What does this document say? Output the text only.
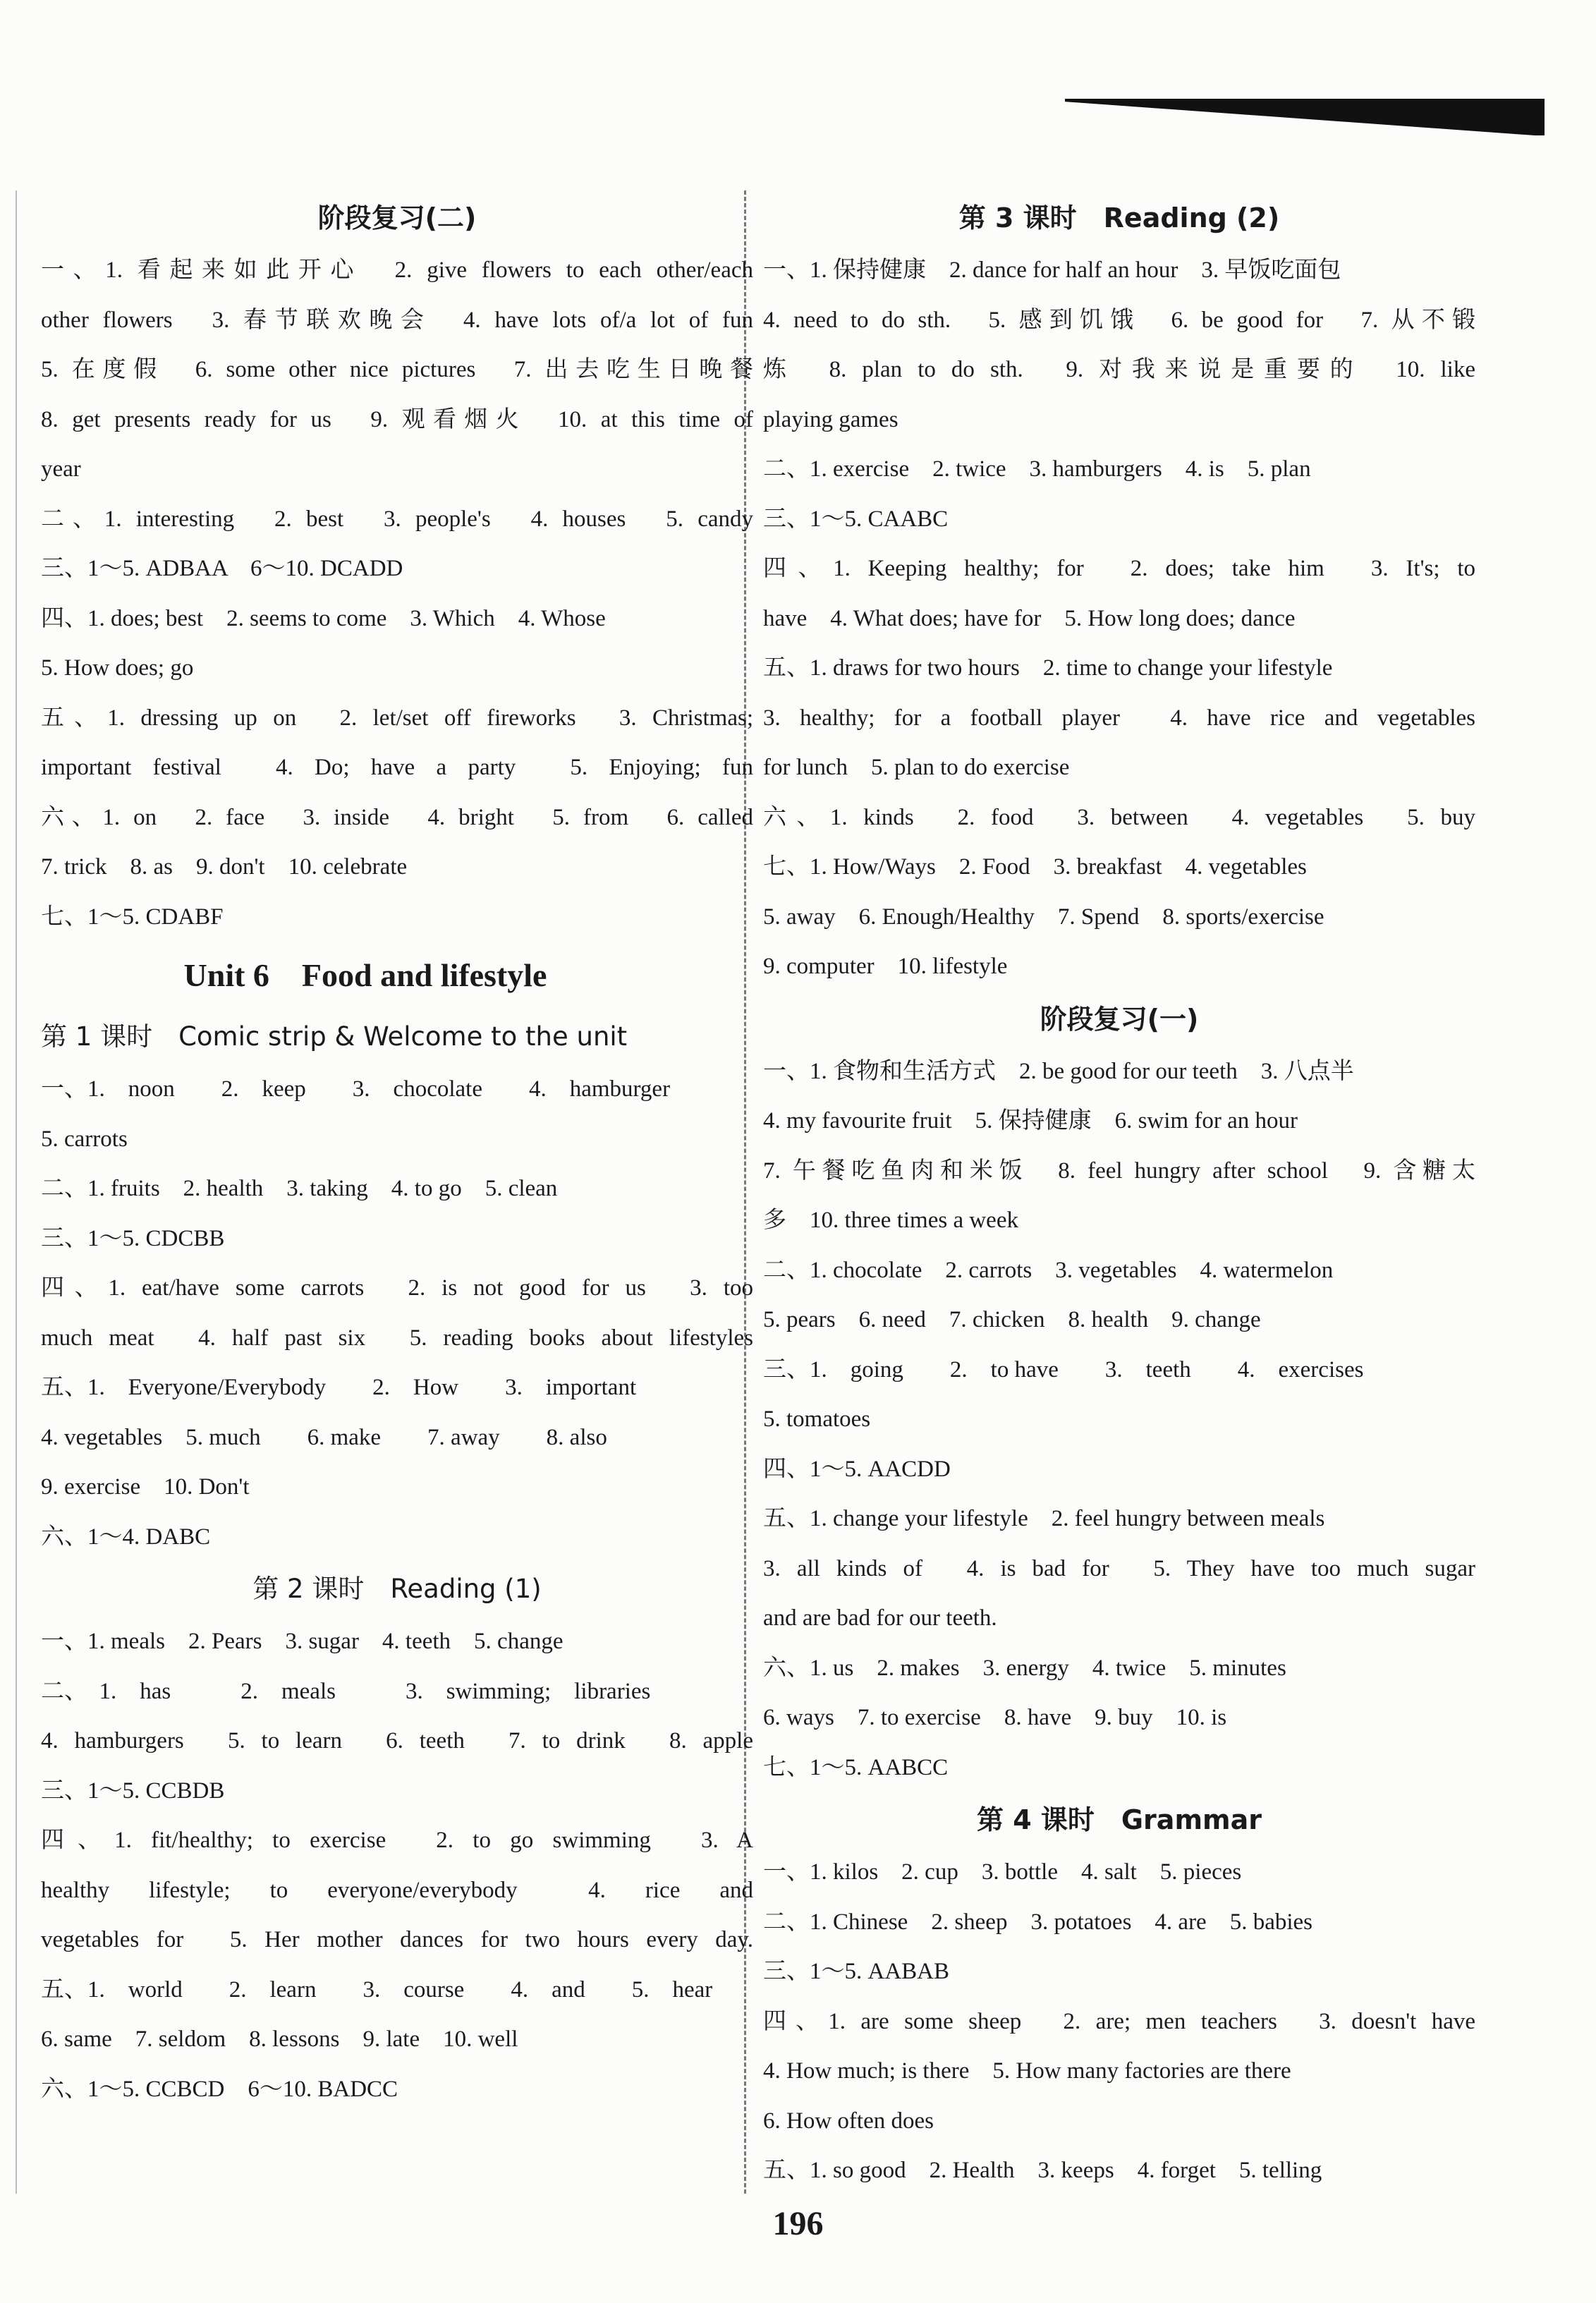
阶段复习(二)
一、1. 看起来如此开心　2. give flowers to each other/each
other flowers　3. 春节联欢晚会　4. have lots of/a lot of fun
5. 在度假　6. some other nice pictures　7. 出去吃生日晚餐
8. get presents ready for us　9. 观看烟火　10. at this time of
year
二、1. interesting　2. best　3. people's　4. houses　5. candy
三、1～5. ADBAA　6～10. DCADD
四、1. does; best　2. seems to come　3. Which　4. Whose
5. How does; go
五、1. dressing up on　2. let/set off fireworks　3. Christmas;
important festival　4. Do; have a party　5. Enjoying; fun
六、1. on　2. face　3. inside　4. bright　5. from　6. called
7. trick　8. as　9. don't　10. celebrate
七、1～5. CDABF
Unit 6　Food and lifestyle
第 1 课时　Comic strip & Welcome to the unit
一、1.　noon　　2.　keep　　3.　chocolate　　4.　hamburger
5. carrots
二、1. fruits　2. health　3. taking　4. to go　5. clean
三、1～5. CDCBB
四、1. eat/have some carrots　2. is not good for us　3. too
much meat　4. half past six　5. reading books about lifestyles
五、1.　Everyone/Everybody　　2.　How　　3.　important
4. vegetables　5. much　　6. make　　7. away　　8. also
9. exercise　10. Don't
六、1～4. DABC
第 2 课时　Reading (1)
一、1. meals　2. Pears　3. sugar　4. teeth　5. change
二、　1.　has　　　2.　meals　　　3.　swimming;　libraries
4. hamburgers　5. to learn　6. teeth　7. to drink　8. apple
三、1～5. CCBDB
四、1. fit/healthy; to exercise　2. to go swimming　3. A
healthy　lifestyle;　to　everyone/everybody　　4.　rice　and
vegetables for　5. Her mother dances for two hours every day.
五、1.　world　　2.　learn　　3.　course　　4.　and　　5.　hear
6. same　7. seldom　8. lessons　9. late　10. well
六、1～5. CCBCD　6～10. BADCC
第 3 课时　Reading (2)
一、1. 保持健康　2. dance for half an hour　3. 早饭吃面包
4. need to do sth.　5. 感到饥饿　6. be good for　7. 从不锻
炼　8. plan to do sth.　9. 对我来说是重要的　10. like
playing games
二、1. exercise　2. twice　3. hamburgers　4. is　5. plan
三、1～5. CAABC
四、1. Keeping healthy; for　2. does; take him　3. It's; to
have　4. What does; have for　5. How long does; dance
五、1. draws for two hours　2. time to change your lifestyle
3. healthy; for a football player　4. have rice and vegetables
for lunch　5. plan to do exercise
六、1. kinds　2. food　3. between　4. vegetables　5. buy
七、1. How/Ways　2. Food　3. breakfast　4. vegetables
5. away　6. Enough/Healthy　7. Spend　8. sports/exercise
9. computer　10. lifestyle
阶段复习(一)
一、1. 食物和生活方式　2. be good for our teeth　3. 八点半
4. my favourite fruit　5. 保持健康　6. swim for an hour
7. 午餐吃鱼肉和米饭　8. feel hungry after school　9. 含糖太
多　10. three times a week
二、1. chocolate　2. carrots　3. vegetables　4. watermelon
5. pears　6. need　7. chicken　8. health　9. change
三、1.　going　　2.　to have　　3.　teeth　　4.　exercises
5. tomatoes
四、1～5. AACDD
五、1. change your lifestyle　2. feel hungry between meals
3. all kinds of　4. is bad for　5. They have too much sugar
and are bad for our teeth.
六、1. us　2. makes　3. energy　4. twice　5. minutes
6. ways　7. to exercise　8. have　9. buy　10. is
七、1～5. AABCC
第 4 课时　Grammar
一、1. kilos　2. cup　3. bottle　4. salt　5. pieces
二、1. Chinese　2. sheep　3. potatoes　4. are　5. babies
三、1～5. AABAB
四、1. are some sheep　2. are; men teachers　3. doesn't have
4. How much; is there　5. How many factories are there
6. How often does
五、1. so good　2. Health　3. keeps　4. forget　5. telling
196
